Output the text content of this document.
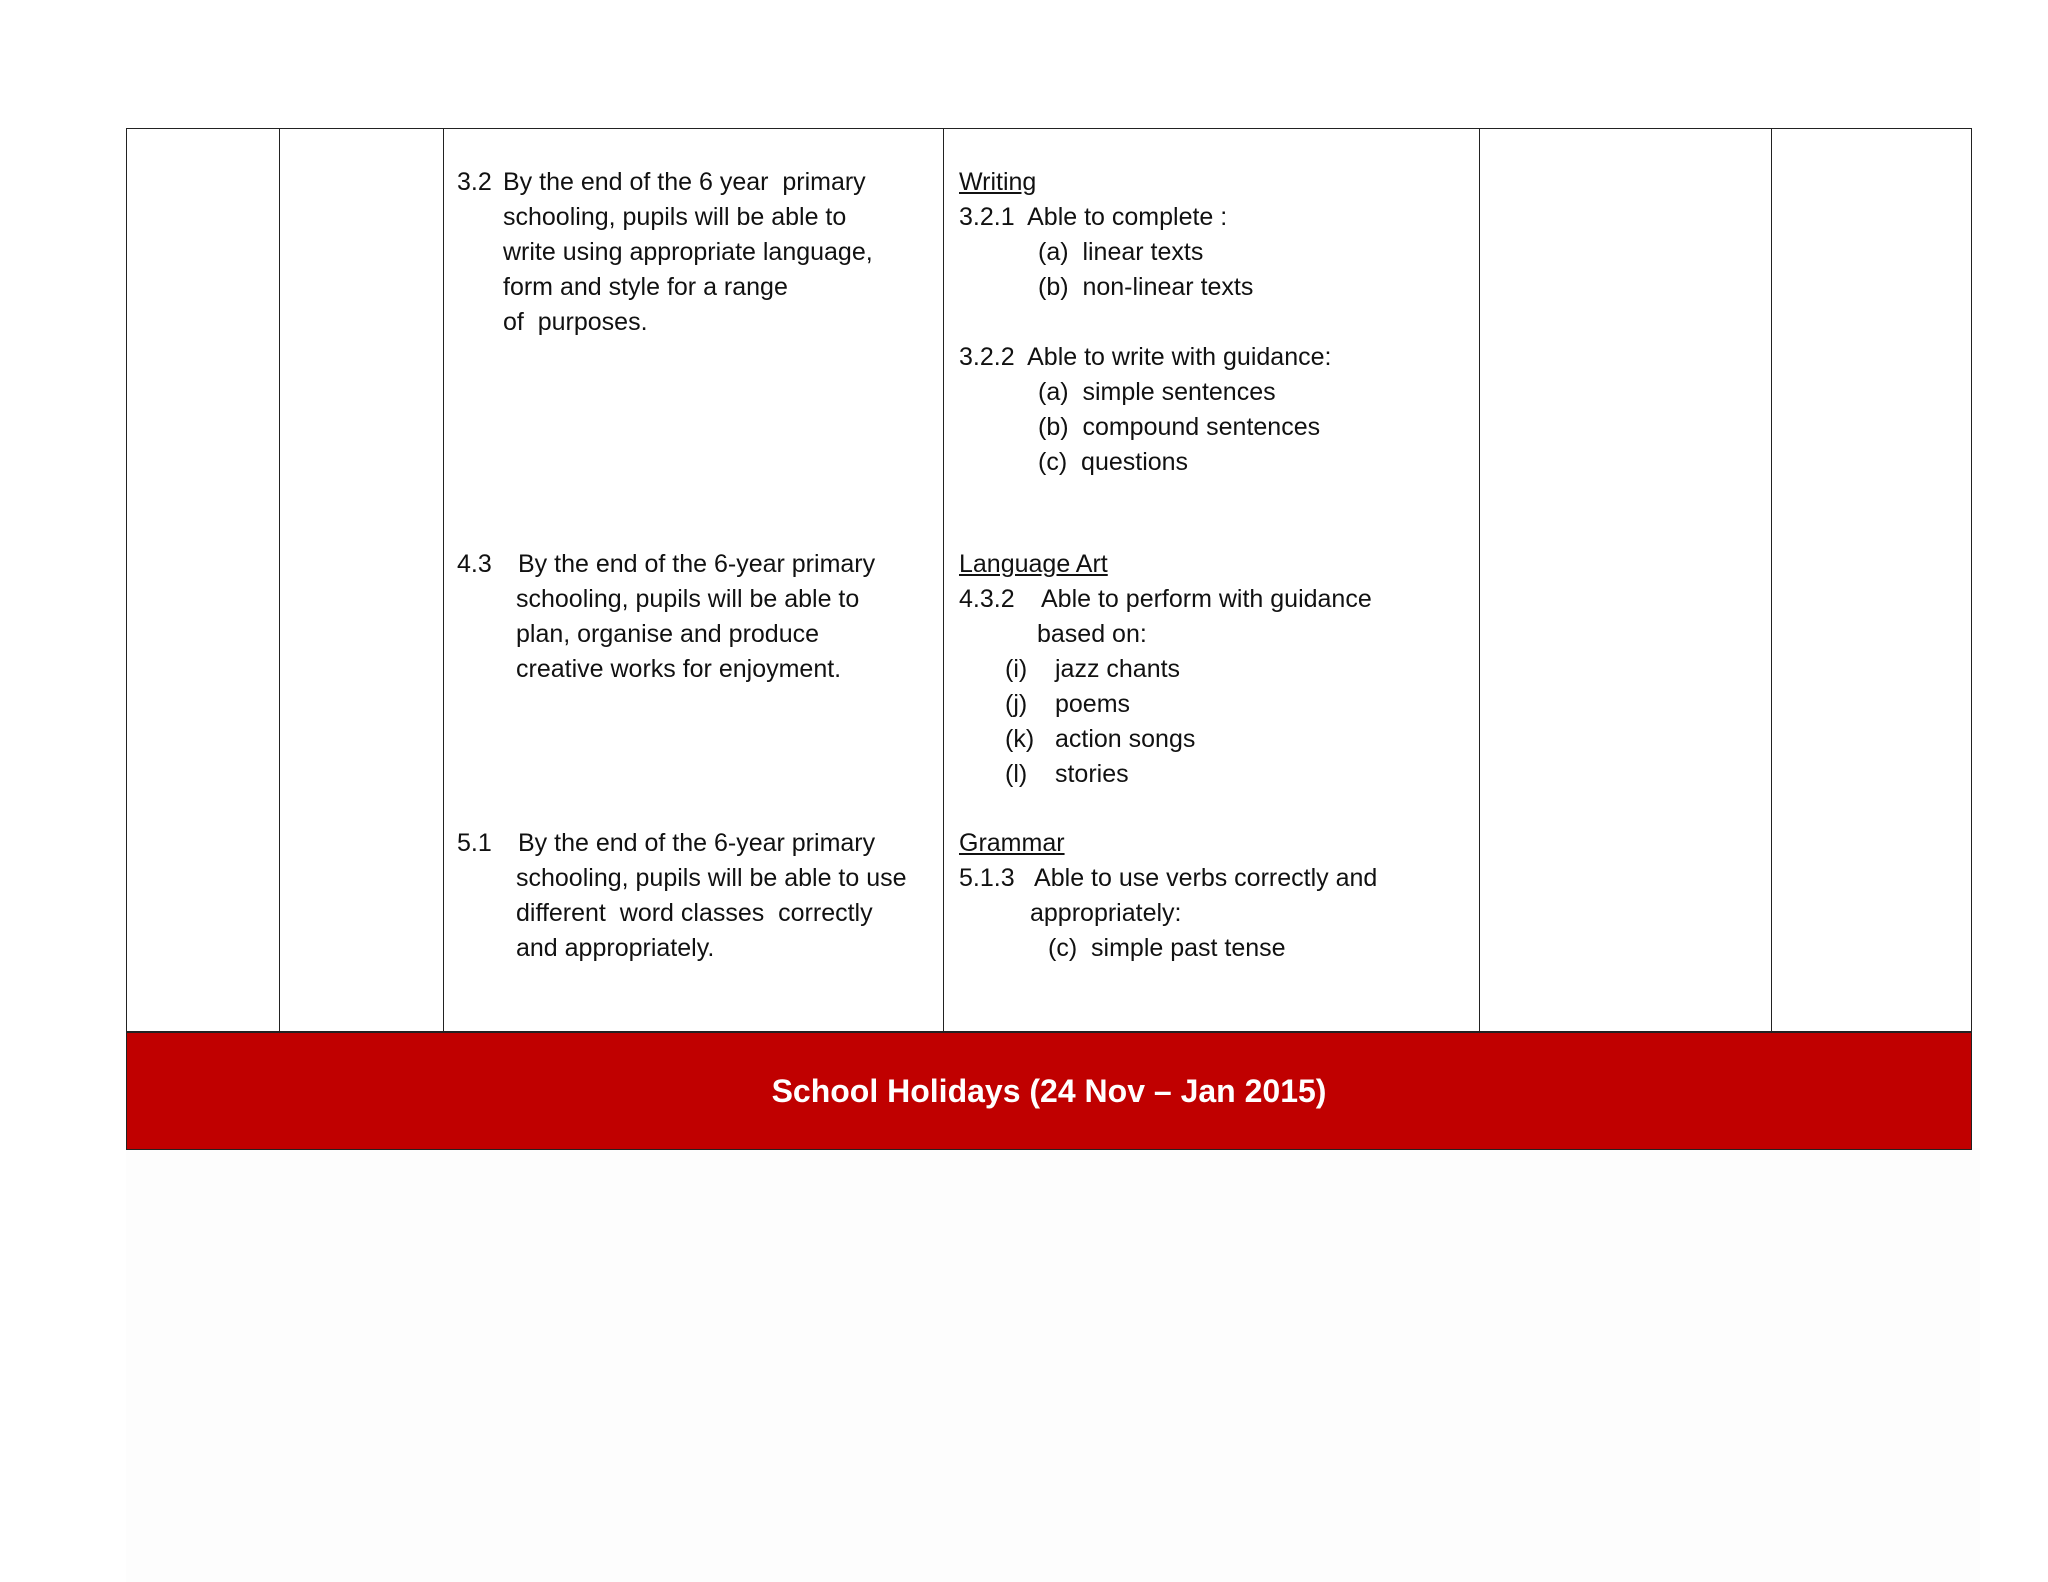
3.2 By the end of the 6 year  primary
schooling, pupils will be able to
write using appropriate language,
form and style for a range
of  purposes.
4.3 By the end of the 6-year primary
schooling, pupils will be able to
plan, organise and produce
creative works for enjoyment.
5.1 By the end of the 6-year primary
schooling, pupils will be able to use
different  word classes  correctly
and appropriately.
Writing
3.2.1  Able to complete :
(a)  linear texts
(b)  non-linear texts
3.2.2  Able to write with guidance:
(a)  simple sentences
(b)  compound sentences
(c)  questions
Language Art
4.3.2    Able to perform with guidance
based on:
(i)    jazz chants
(j)    poems
(k)   action songs
(l)    stories
Grammar
5.1.3   Able to use verbs correctly and
appropriately:
(c)  simple past tense
School Holidays (24 Nov – Jan 2015)
